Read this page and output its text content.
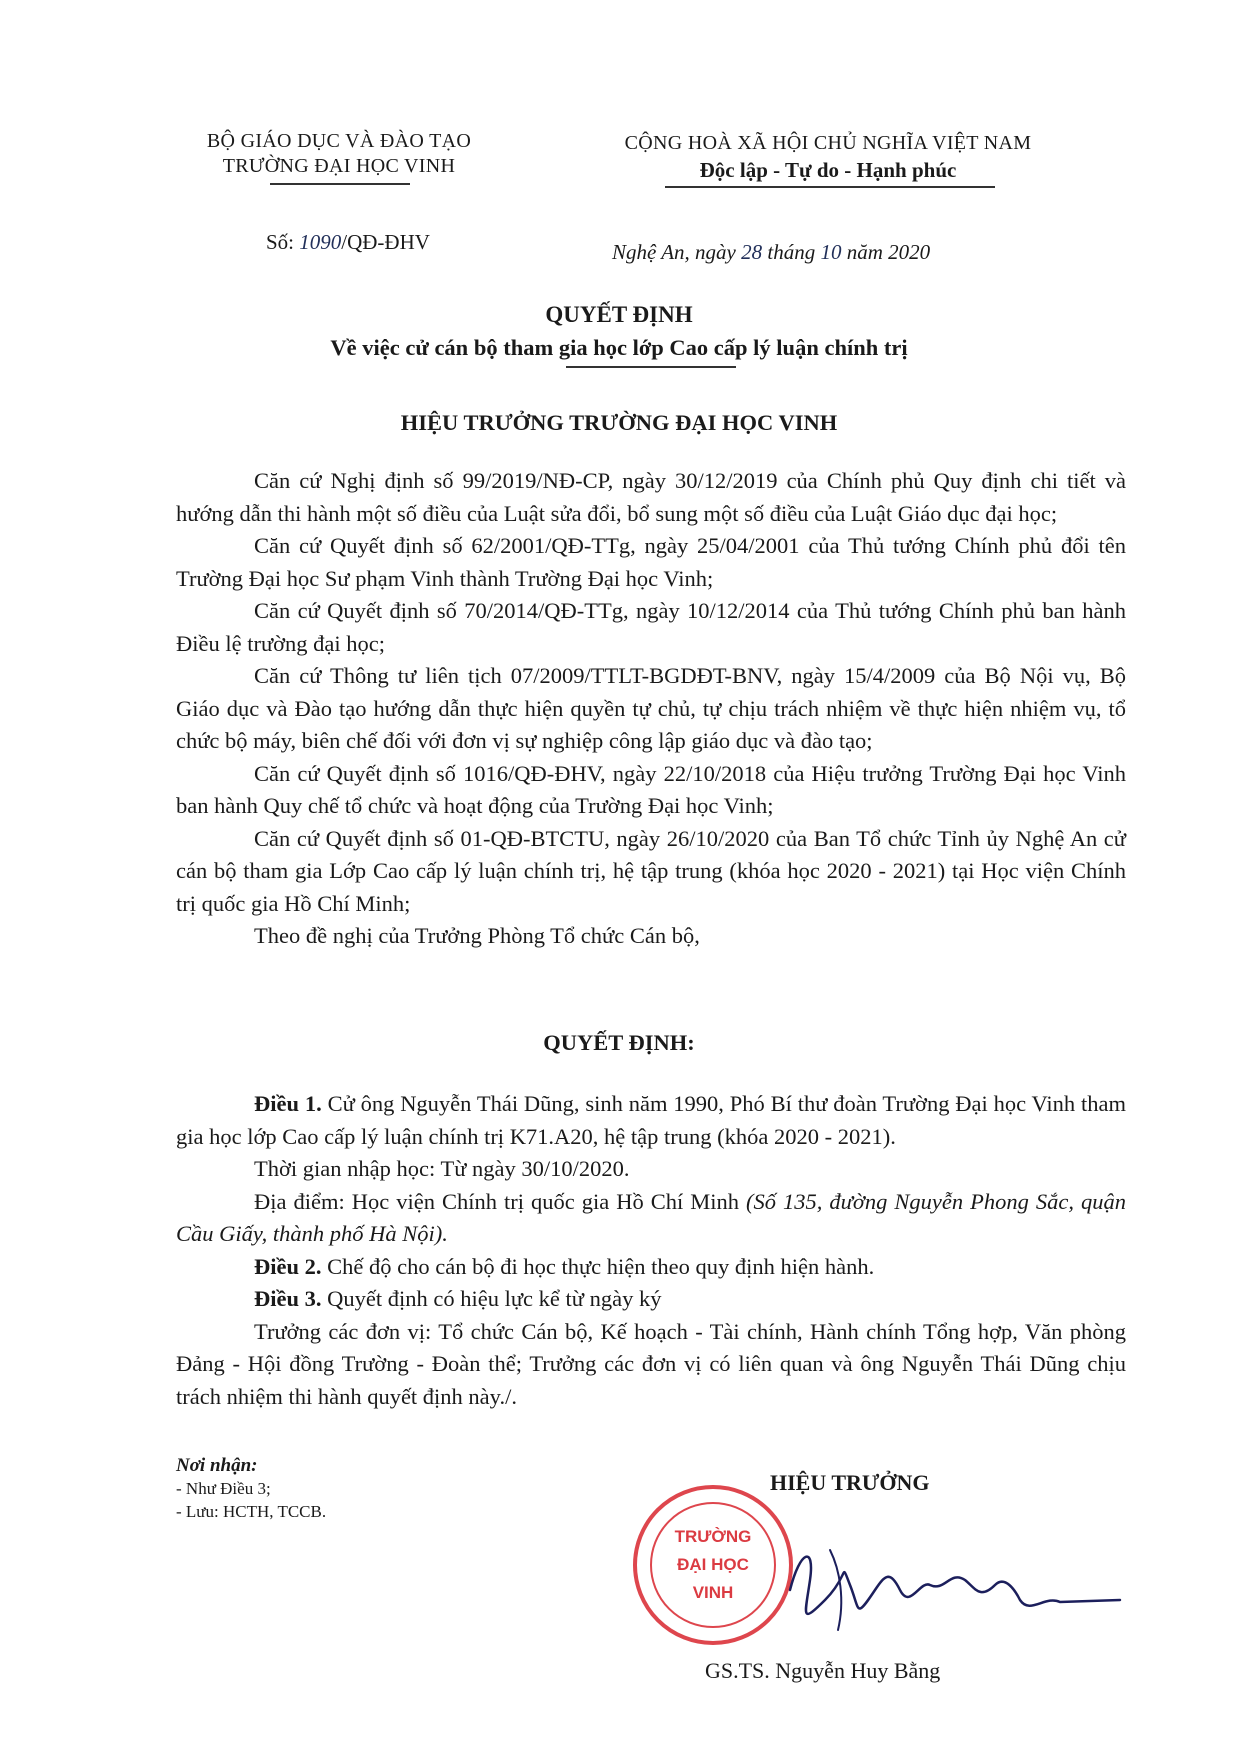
BỘ GIÁO DỤC VÀ ĐÀO TẠO
TRƯỜNG ĐẠI HỌC VINH
Số: 1090/QĐ-ĐHV
CỘNG HOÀ XÃ HỘI CHỦ NGHĨA VIỆT NAM
Độc lập - Tự do - Hạnh phúc
Nghệ An, ngày 28 tháng 10 năm 2020
QUYẾT ĐỊNH
Về việc cử cán bộ tham gia học lớp Cao cấp lý luận chính trị
HIỆU TRƯỞNG TRƯỜNG ĐẠI HỌC VINH

Căn cứ Nghị định số 99/2019/NĐ-CP, ngày 30/12/2019 của Chính phủ Quy định chi tiết và hướng dẫn thi hành một số điều của Luật sửa đổi, bổ sung một số điều của Luật Giáo dục đại học;

Căn cứ Quyết định số 62/2001/QĐ-TTg, ngày 25/04/2001 của Thủ tướng Chính phủ đổi tên Trường Đại học Sư phạm Vinh thành Trường Đại học Vinh;

Căn cứ Quyết định số 70/2014/QĐ-TTg, ngày 10/12/2014 của Thủ tướng Chính phủ ban hành Điều lệ trường đại học;

Căn cứ Thông tư liên tịch 07/2009/TTLT-BGDĐT-BNV, ngày 15/4/2009 của Bộ Nội vụ, Bộ Giáo dục và Đào tạo hướng dẫn thực hiện quyền tự chủ, tự chịu trách nhiệm về thực hiện nhiệm vụ, tổ chức bộ máy, biên chế đối với đơn vị sự nghiệp công lập giáo dục và đào tạo;

Căn cứ Quyết định số 1016/QĐ-ĐHV, ngày 22/10/2018 của Hiệu trưởng Trường Đại học Vinh ban hành Quy chế tổ chức và hoạt động của Trường Đại học Vinh;

Căn cứ Quyết định số 01-QĐ-BTCTU, ngày 26/10/2020 của Ban Tổ chức Tỉnh ủy Nghệ An cử cán bộ tham gia Lớp Cao cấp lý luận chính trị, hệ tập trung (khóa học 2020 - 2021) tại Học viện Chính trị quốc gia Hồ Chí Minh;

Theo đề nghị của Trưởng Phòng Tổ chức Cán bộ,

QUYẾT ĐỊNH:

Điều 1. Cử ông Nguyễn Thái Dũng, sinh năm 1990, Phó Bí thư đoàn Trường Đại học Vinh tham gia học lớp Cao cấp lý luận chính trị K71.A20, hệ tập trung (khóa 2020 - 2021).

Thời gian nhập học: Từ ngày 30/10/2020.

Địa điểm: Học viện Chính trị quốc gia Hồ Chí Minh (Số 135, đường Nguyễn Phong Sắc, quận Cầu Giấy, thành phố Hà Nội).

Điều 2. Chế độ cho cán bộ đi học thực hiện theo quy định hiện hành.

Điều 3. Quyết định có hiệu lực kể từ ngày ký

Trưởng các đơn vị: Tổ chức Cán bộ, Kế hoạch - Tài chính, Hành chính Tổng hợp, Văn phòng Đảng - Hội đồng Trường - Đoàn thể; Trưởng các đơn vị có liên quan và ông Nguyễn Thái Dũng chịu trách nhiệm thi hành quyết định này./.

Nơi nhận:
- Như Điều 3;
- Lưu: HCTH, TCCB.
HIỆU TRƯỞNG
TRƯỜNG
ĐẠI HỌC
VINH
GS.TS. Nguyễn Huy Bằng
